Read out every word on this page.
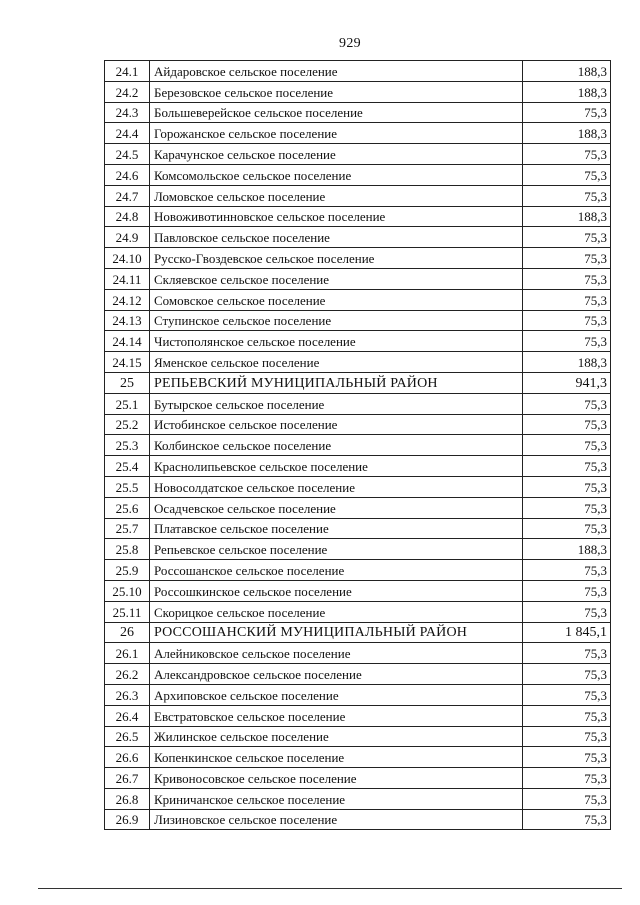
929
24.1	Айдаровское сельское поселение	188,3
24.2	Березовское сельское поселение	188,3
24.3	Большеверейское сельское поселение	75,3
24.4	Горожанское сельское поселение	188,3
24.5	Карачунское сельское поселение	75,3
24.6	Комсомольское сельское поселение	75,3
24.7	Ломовское сельское поселение	75,3
24.8	Новоживотинновское сельское поселение	188,3
24.9	Павловское сельское поселение	75,3
24.10	Русско-Гвоздевское сельское поселение	75,3
24.11	Скляевское сельское поселение	75,3
24.12	Сомовское сельское поселение	75,3
24.13	Ступинское сельское поселение	75,3
24.14	Чистополянское сельское поселение	75,3
24.15	Яменское сельское поселение	188,3
25	РЕПЬЕВСКИЙ МУНИЦИПАЛЬНЫЙ РАЙОН	941,3
25.1	Бутырское сельское поселение	75,3
25.2	Истобинское сельское поселение	75,3
25.3	Колбинское сельское поселение	75,3
25.4	Краснолипьевское сельское поселение	75,3
25.5	Новосолдатское сельское поселение	75,3
25.6	Осадчевское сельское поселение	75,3
25.7	Платавское сельское поселение	75,3
25.8	Репьевское сельское поселение	188,3
25.9	Россошанское сельское поселение	75,3
25.10	Россошкинское сельское поселение	75,3
25.11	Скорицкое сельское поселение	75,3
26	РОССОШАНСКИЙ МУНИЦИПАЛЬНЫЙ РАЙОН	1 845,1
26.1	Алейниковское сельское поселение	75,3
26.2	Александровское сельское поселение	75,3
26.3	Архиповское сельское поселение	75,3
26.4	Евстратовское сельское поселение	75,3
26.5	Жилинское сельское поселение	75,3
26.6	Копенкинское сельское поселение	75,3
26.7	Кривоносовское сельское поселение	75,3
26.8	Криничанское сельское поселение	75,3
26.9	Лизиновское сельское поселение	75,3
